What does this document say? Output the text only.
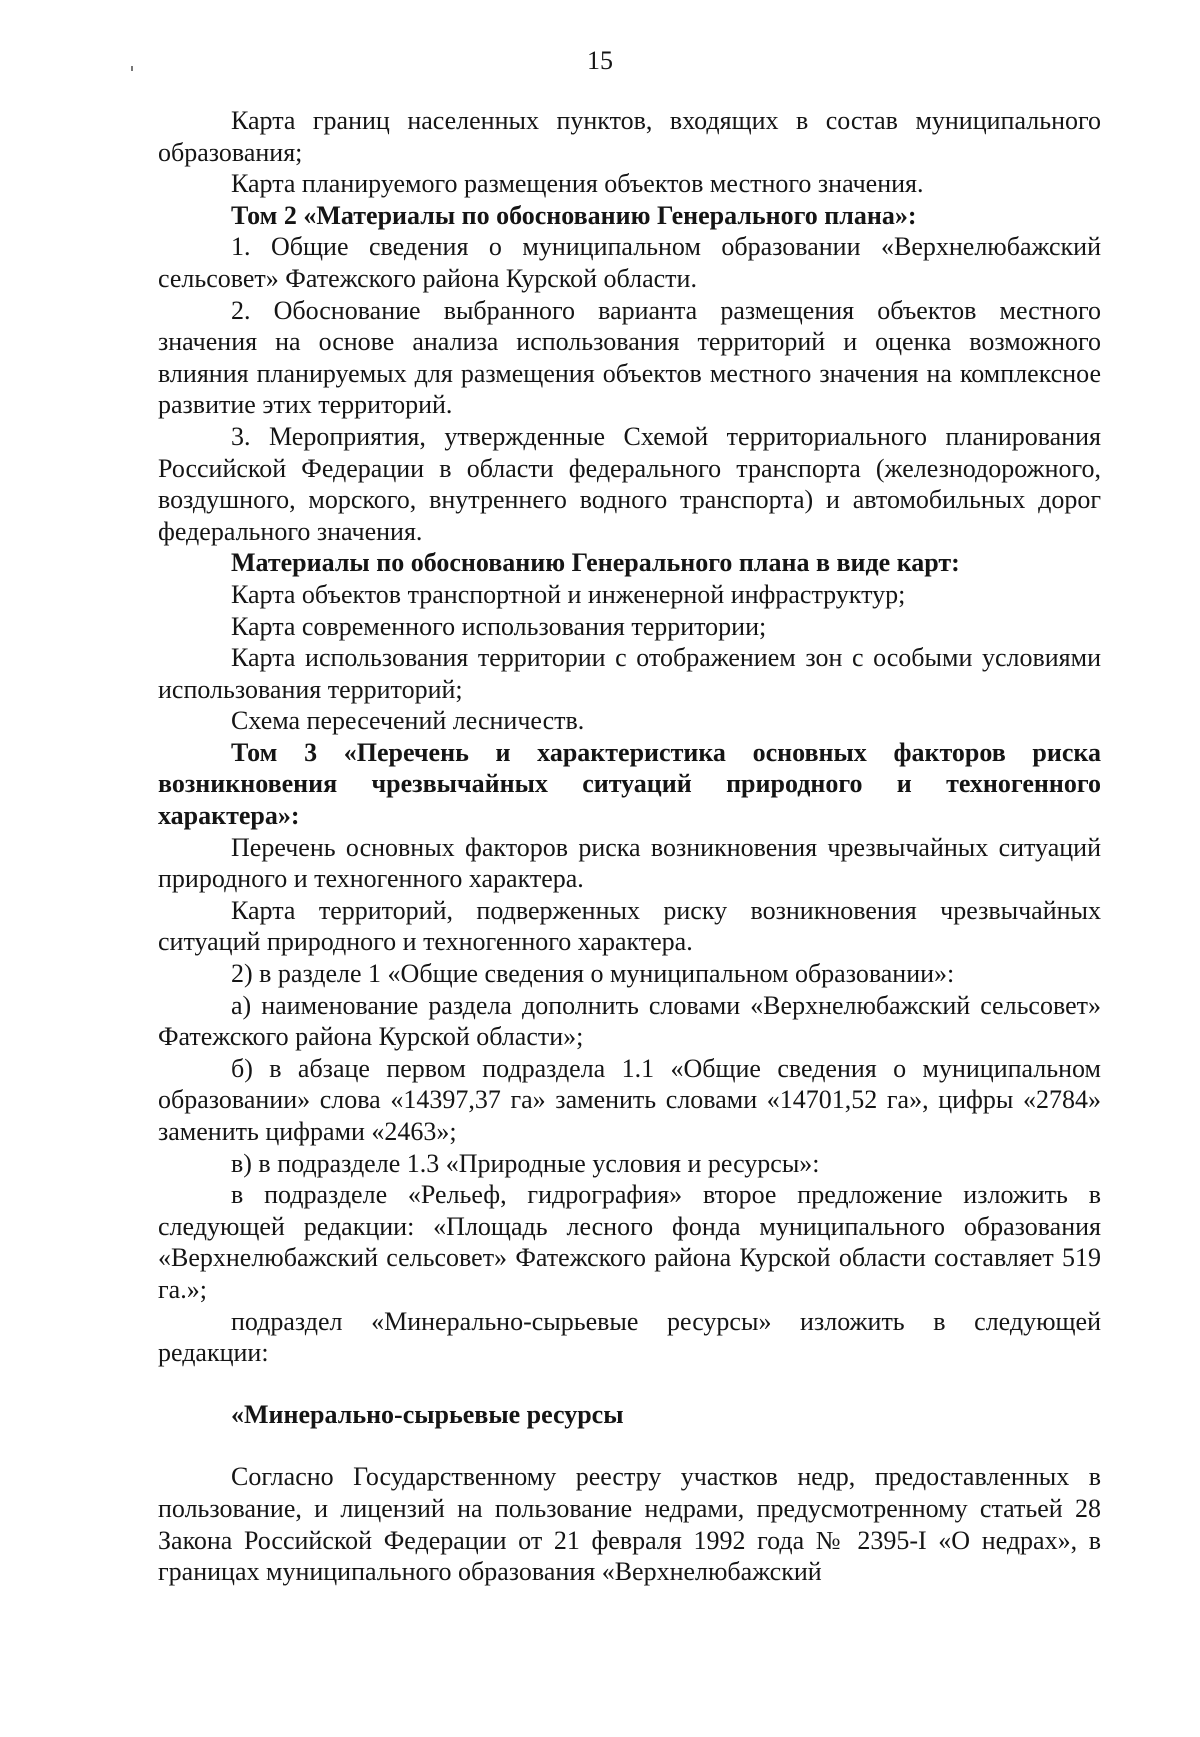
15

Карта границ населенных пунктов, входящих в состав муниципального образования;

Карта планируемого размещения объектов местного значения.

Том 2 «Материалы по обоснованию Генерального плана»:

1. Общие сведения о муниципальном образовании «Верхнелюбажский сельсовет» Фатежского района Курской области.

2. Обоснование выбранного варианта размещения объектов местного значения на основе анализа использования территорий и оценка возможного влияния планируемых для размещения объектов местного значения на комплексное развитие этих территорий.

3. Мероприятия, утвержденные Схемой территориального планирования Российской Федерации в области федерального транспорта (железнодорожного, воздушного, морского, внутреннего водного транспорта) и автомобильных дорог федерального значения.

Материалы по обоснованию Генерального плана в виде карт:

Карта объектов транспортной и инженерной инфраструктур;

Карта современного использования территории;

Карта использования территории с отображением зон с особыми условиями использования территорий;

Схема пересечений лесничеств.

Том 3 «Перечень и характеристика основных факторов риска возникновения чрезвычайных ситуаций природного и техногенного характера»:

Перечень основных факторов риска возникновения чрезвычайных ситуаций природного и техногенного характера.

Карта территорий, подверженных риску возникновения чрезвычайных ситуаций природного и техногенного характера.

2) в разделе 1 «Общие сведения о муниципальном образовании»:

а) наименование раздела дополнить словами «Верхнелюбажский сельсовет» Фатежского района Курской области»;

б) в абзаце первом подраздела 1.1 «Общие сведения о муниципальном образовании» слова «14397,37 га» заменить словами «14701,52 га», цифры «2784» заменить цифрами «2463»;

в) в подразделе 1.3 «Природные условия и ресурсы»:

в подразделе «Рельеф, гидрография» второе предложение изложить в следующей редакции: «Площадь лесного фонда муниципального образования «Верхнелюбажский сельсовет» Фатежского района Курской области составляет 519 га.»;

подраздел «Минерально-сырьевые ресурсы» изложить в следующей редакции:

«Минерально-сырьевые ресурсы

Согласно Государственному реестру участков недр, предоставленных в пользование, и лицензий на пользование недрами, предусмотренному статьей 28 Закона Российской Федерации от 21 февраля 1992 года № 2395-I «О недрах», в границах муниципального образования «Верхнелюбажский
